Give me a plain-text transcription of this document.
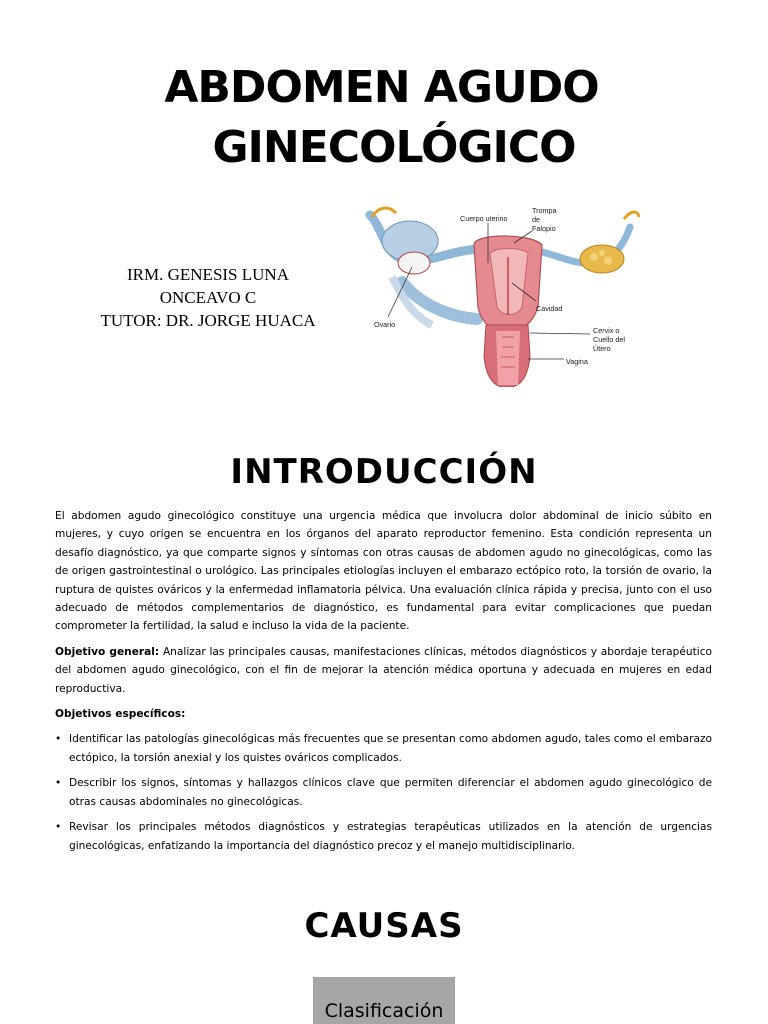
ABDOMEN AGUDO
GINECOLÓGICO
IRM. GENESIS LUNA
ONCEAVO C
TUTOR: DR. JORGE HUACA
Cuerpo uterino
Trompa
de
Falopio
Cavidad
Ovario
Cervix o
Cuello del
Útero
Vagina
INTRODUCCIÓN

El abdomen agudo ginecológico constituye una urgencia médica que involucra dolor abdominal de inicio súbito en mujeres, y cuyo origen se encuentra en los órganos del aparato reproductor femenino. Esta condición representa un desafío diagnóstico, ya que comparte signos y síntomas con otras causas de abdomen agudo no ginecológicas, como las de origen gastrointestinal o urológico. Las principales etiologías incluyen el embarazo ectópico roto, la torsión de ovario, la ruptura de quistes ováricos y la enfermedad inflamatoria pélvica. Una evaluación clínica rápida y precisa, junto con el uso adecuado de métodos complementarios de diagnóstico, es fundamental para evitar complicaciones que puedan comprometer la fertilidad, la salud e incluso la vida de la paciente.

Objetivo general: Analizar las principales causas, manifestaciones clínicas, métodos diagnósticos y abordaje terapéutico del abdomen agudo ginecológico, con el fin de mejorar la atención médica oportuna y adecuada en mujeres en edad reproductiva.

Objetivos específicos:

• Identificar las patologías ginecológicas más frecuentes que se presentan como abdomen agudo, tales como el embarazo ectópico, la torsión anexial y los quistes ováricos complicados.
• Describir los signos, síntomas y hallazgos clínicos clave que permiten diferenciar el abdomen agudo ginecológico de otras causas abdominales no ginecológicas.
• Revisar los principales métodos diagnósticos y estrategias terapéuticas utilizados en la atención de urgencias ginecológicas, enfatizando la importancia del diagnóstico precoz y el manejo multidisciplinario.
CAUSAS
Clasificación
